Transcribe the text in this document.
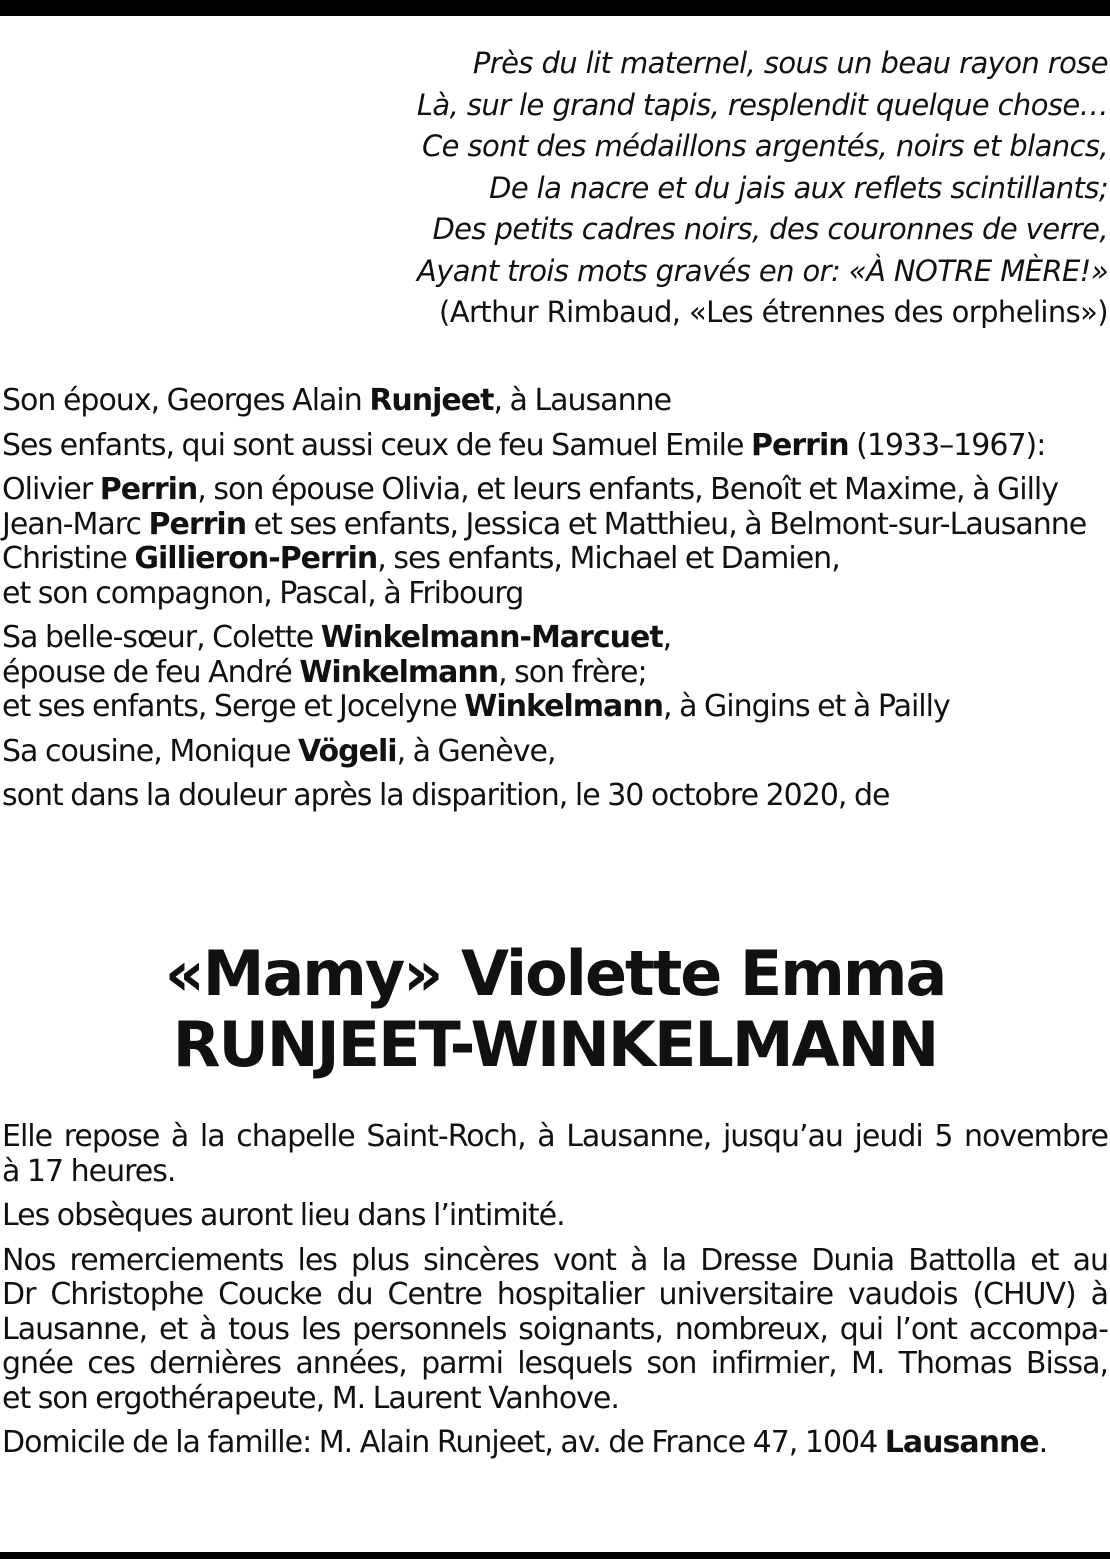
Près du lit maternel, sous un beau rayon rose
Là, sur le grand tapis, resplendit quelque chose…
Ce sont des médaillons argentés, noirs et blancs,
De la nacre et du jais aux reflets scintillants;
Des petits cadres noirs, des couronnes de verre,
Ayant trois mots gravés en or: «À NOTRE MÈRE!»
(Arthur Rimbaud, «Les étrennes des orphelins»)
Son époux, Georges Alain Runjeet, à Lausanne
Ses enfants, qui sont aussi ceux de feu Samuel Emile Perrin (1933–1967):
Olivier Perrin, son épouse Olivia, et leurs enfants, Benoît et Maxime, à Gilly
Jean-Marc Perrin et ses enfants, Jessica et Matthieu, à Belmont-sur-Lausanne
Christine Gillieron-Perrin, ses enfants, Michael et Damien,
et son compagnon, Pascal, à Fribourg
Sa belle-sœur, Colette Winkelmann-Marcuet,
épouse de feu André Winkelmann, son frère;
et ses enfants, Serge et Jocelyne Winkelmann, à Gingins et à Pailly
Sa cousine, Monique Vögeli, à Genève,
sont dans la douleur après la disparition, le 30 octobre 2020, de
«Mamy» Violette Emma
RUNJEET-WINKELMANN
Elle repose à la chapelle Saint-Roch, à Lausanne, jusqu’au jeudi 5 novembre
à 17 heures.
Les obsèques auront lieu dans l’intimité.
Nos remerciements les plus sincères vont à la Dresse Dunia Battolla et au
Dr Christophe Coucke du Centre hospitalier universitaire vaudois (CHUV) à
Lausanne, et à tous les personnels soignants, nombreux, qui l’ont accompa-
gnée ces dernières années, parmi lesquels son infirmier, M. Thomas Bissa,
et son ergothérapeute, M. Laurent Vanhove.
Domicile de la famille: M. Alain Runjeet, av. de France 47, 1004 Lausanne.
